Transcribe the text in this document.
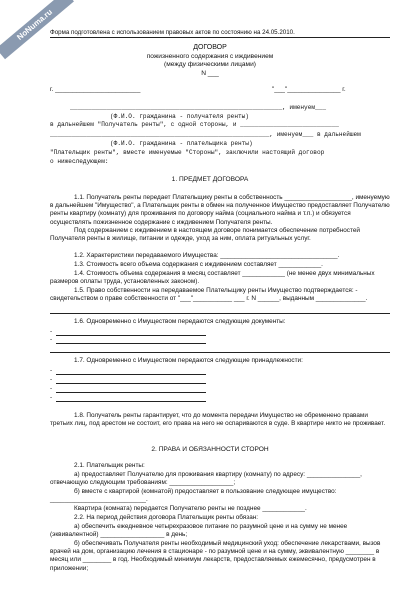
NoNuma.ru
Форма подготовлена с использованием правовых актов по состоянию на 24.05.2010.
ДОГОВОР
пожизненного содержания с иждивением
(между физическими лицами)
N ___
г. ________________________	"___"_______________ г.
__________________________________________________________, именуем___
(Ф.И.О. гражданина - получателя ренты)
в дальнейшем "Получатель ренты", с одной стороны, и ___________________________
____________________________________________________________, именуем___ в дальнейшем
(Ф.И.О. гражданина - плательщика ренты)
"Плательщик ренты", вместе именуемые "Стороны", заключили настоящий договор
о нижеследующем:
1. ПРЕДМЕТ ДОГОВОРА
1.1. Получатель ренты передает Плательщику ренты в собственность ___________________, именуемую в дальнейшем "Имущество", а Плательщик ренты в обмен на полученное Имущество предоставляет Получателю ренты квартиру (комнату) для проживания по договору найма (социального найма и т.п.) и обязуется осуществлять пожизненное содержание с иждивением Получателя ренты.
Под содержанием с иждивением в настоящем договоре понимается обеспечение потребностей Получателя ренты в жилище, питании и одежде, уход за ним, оплата ритуальных услуг.
1.2. Характеристики передаваемого Имущества: _________________________________.
1.3. Стоимость всего объема содержания с иждивением составляет ____________.
1.4. Стоимость объема содержания в месяц составляет ____________ (не менее двух минимальных размеров оплаты труда, установленных законом).
1.5. Право собственности на передаваемое Плательщику ренты Имущество подтверждается: - свидетельством о праве собственности от "___"___________ ___ г. N ______, выданным ______________.
1.6. Одновременно с Имуществом передаются следующие документы:
-
-
1.7. Одновременно с Имуществом передаются следующие принадлежности:
-
-
-
-
1.8. Получатель ренты гарантирует, что до момента передачи Имущество не обременено правами третьих лиц, под арестом не состоит, его права на него не оспариваются в суде. В квартире никто не проживает.
2. ПРАВА И ОБЯЗАННОСТИ СТОРОН
2.1. Плательщик ренты:
а) предоставляет Получателю для проживания квартиру (комнату) по адресу: _______________, отвечающую следующим требованиям: __________________;
б) вместе с квартирой (комнатой) предоставляет в пользование следующее имущество: ___________________________.
Квартира (комната) передается Получателю ренты не позднее ____________.
2.2. На период действия договора Плательщик ренты обязан:
а) обеспечить ежедневное четырехразовое питание по разумной цене и на сумму не менее (эквивалентной) __________________ в день;
б) обеспечивать Получателя ренты необходимый медицинский уход: обеспечение лекарствами, вызов врачей на дом, организацию лечения в стационаре - по разумной цене и на сумму, эквивалентную ________ в месяц или ________ в год. Необходимый минимум лекарств, предоставляемых ежемесячно, предусмотрен в приложении;
